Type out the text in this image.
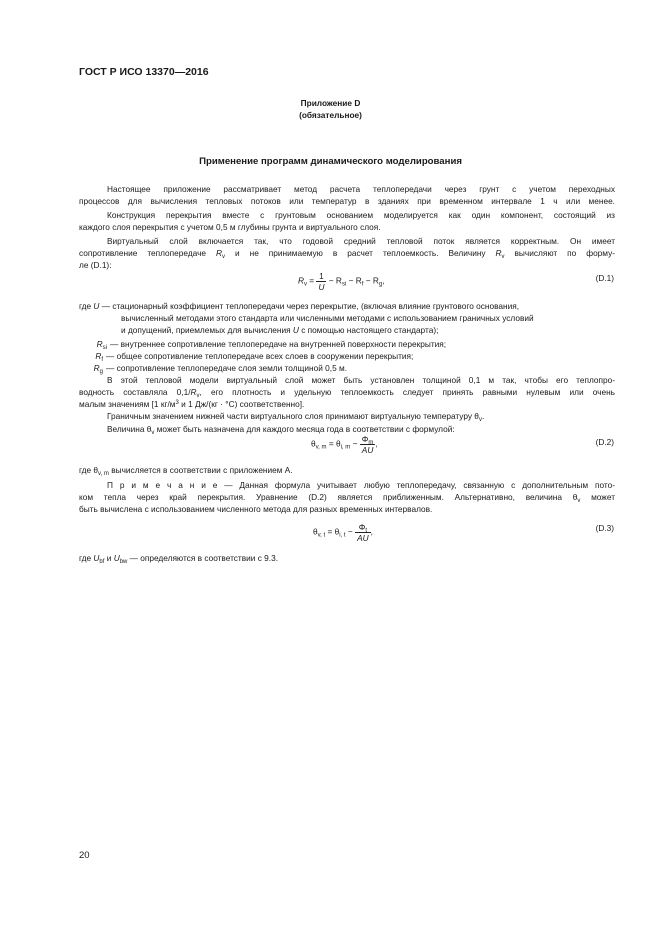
ГОСТ Р ИСО 13370—2016
Приложение D
(обязательное)
Применение программ динамического моделирования
Настоящее приложение рассматривает метод расчета теплопередачи через грунт с учетом переходных
процессов для вычисления тепловых потоков или температур в зданиях при временном интервале 1 ч или менее.
Конструкция перекрытия вместе с грунтовым основанием моделируется как один компонент, состоящий из
каждого слоя перекрытия с учетом 0,5 м глубины грунта и виртуального слоя.
Виртуальный слой включается так, что годовой средний тепловой поток является корректным. Он имеет
сопротивление теплопередаче $R_v$ и не принимаемую в расчет теплоемкость. Величину $R_v$ вычисляют по форму-
ле (D.1):
$R_v = \frac{1}{U} - R_{si} - R_f - R_g$,	(D.1)
где U — стационарный коэффициент теплопередачи через перекрытие, (включая влияние грунтового основания,
вычисленный методами этого стандарта или численными методами с использованием граничных условий
и допущений, приемлемых для вычисления U с помощью настоящего стандарта);
$R_{si}$ — внутреннее сопротивление теплопередаче на внутренней поверхности перекрытия;
$R_f$ — общее сопротивление теплопередаче всех слоев в сооружении перекрытия;
$R_g$ — сопротивление теплопередаче слоя земли толщиной 0,5 м.
В этой тепловой модели виртуальный слой может быть установлен толщиной 0,1 м так, чтобы его теплопро-
водность составляла $0,1/R_v$, его плотность и удельную теплоемкость следует принять равными нулевым или очень
малым значениям [1 $кг/м^3$ и 1 Дж/(кг · °С) соответственно].
Граничным значением нижней части виртуального слоя принимают виртуальную температуру $\theta_v$.
Величина $\theta_v$ может быть назначена для каждого месяца года в соответствии с формулой:
$\theta_{v, m} = \theta_{i, m} - \frac{\Phi_m}{AU}$ ,	(D.2)
где $\theta_{v, m}$ вычисляется в соответствии с приложением А.
П р и м е ч а н и е — Данная формула учитывает любую теплопередачу, связанную с дополнительным пото-
ком тепла через край перекрытия. Уравнение (D.2) является приближенным. Альтернативно, величина $\theta_v$ может
быть вычислена с использованием численного метода для разных временных интервалов.
$\theta_{v, t} = \theta_{i, t} - \frac{\Phi_t}{AU}$ ,	(D.3)
где $U_{bf}$ и $U_{bw}$ — определяются в соответствии с 9.3.
20
